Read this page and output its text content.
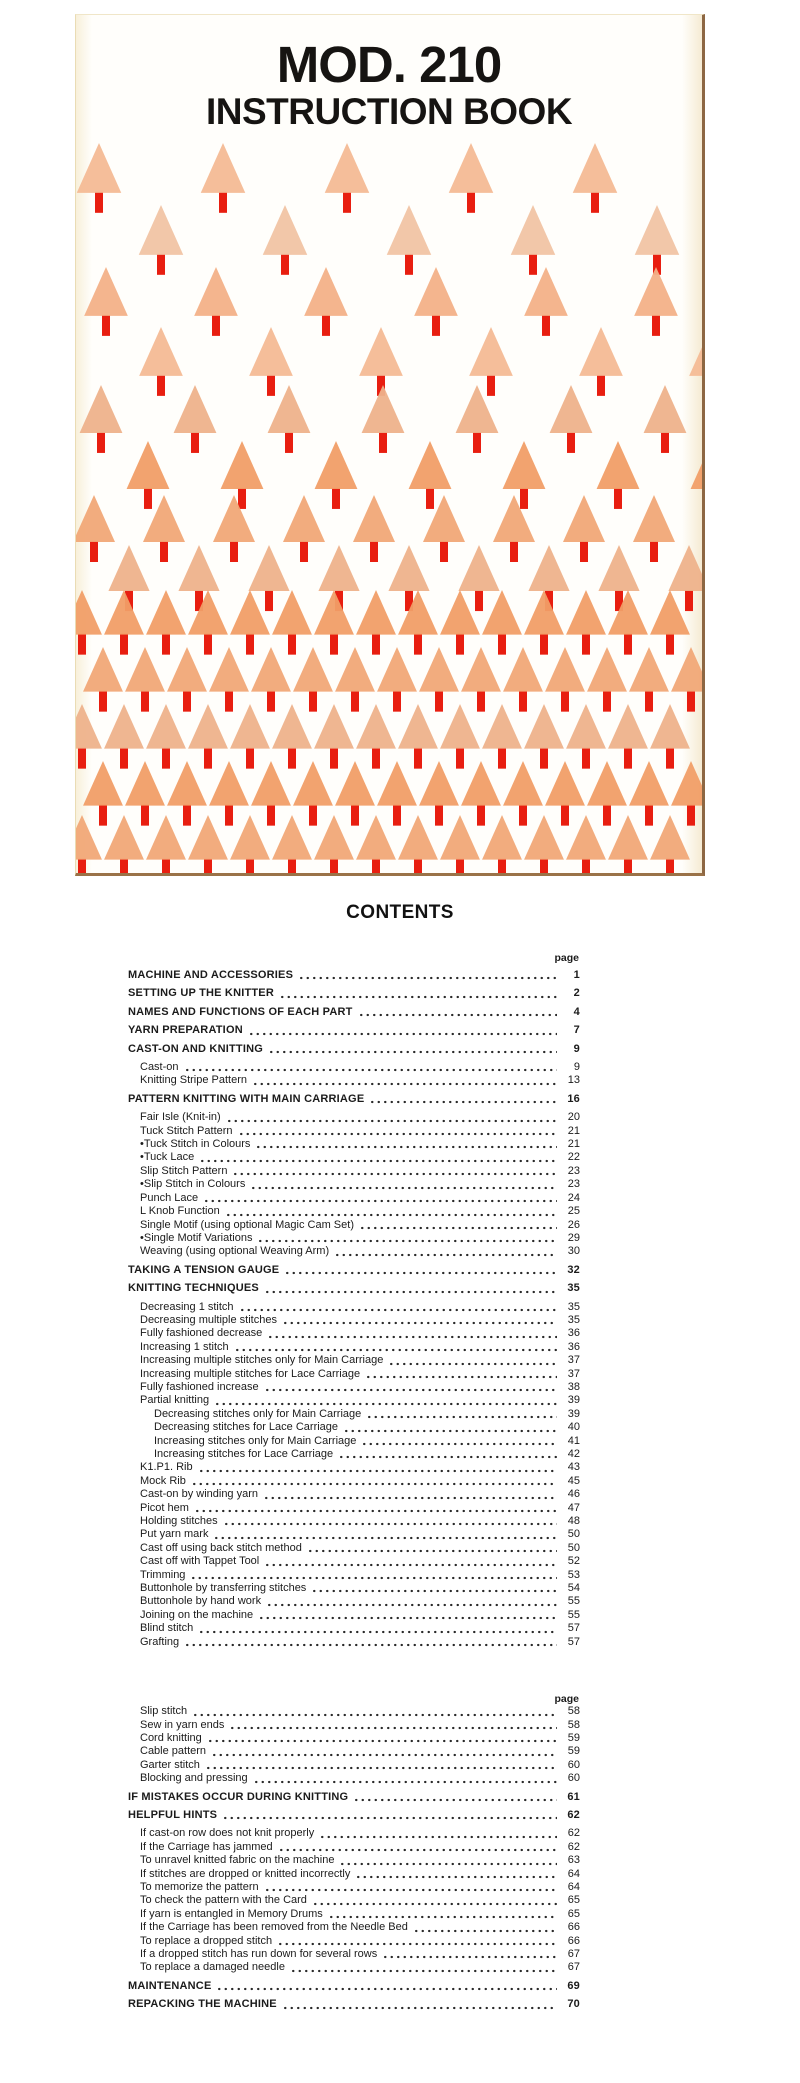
MOD. 210
INSTRUCTION BOOK
CONTENTS
page
MACHINE AND ACCESSORIES	1
SETTING UP THE KNITTER	2
NAMES AND FUNCTIONS OF EACH PART	4
YARN PREPARATION	7
CAST-ON AND KNITTING	9
Cast-on	9
Knitting Stripe Pattern	13
PATTERN KNITTING WITH MAIN CARRIAGE	16
Fair Isle (Knit-in)	20
Tuck Stitch Pattern	21
•Tuck Stitch in Colours	21
•Tuck Lace	22
Slip Stitch Pattern	23
•Slip Stitch in Colours	23
Punch Lace	24
L Knob Function	25
Single Motif (using optional Magic Cam Set)	26
•Single Motif Variations	29
Weaving (using optional Weaving Arm)	30
TAKING A TENSION GAUGE	32
KNITTING TECHNIQUES	35
Decreasing 1 stitch	35
Decreasing multiple stitches	35
Fully fashioned decrease	36
Increasing 1 stitch	36
Increasing multiple stitches only for Main Carriage	37
Increasing multiple stitches for Lace Carriage	37
Fully fashioned increase	38
Partial knitting	39
Decreasing stitches only for Main Carriage	39
Decreasing stitches for Lace Carriage	40
Increasing stitches only for Main Carriage	41
Increasing stitches for Lace Carriage	42
K1.P1. Rib	43
Mock Rib	45
Cast-on by winding yarn	46
Picot hem	47
Holding stitches	48
Put yarn mark	50
Cast off using back stitch method	50
Cast off with Tappet Tool	52
Trimming	53
Buttonhole by transferring stitches	54
Buttonhole by hand work	55
Joining on the machine	55
Blind stitch	57
Grafting	57
page
Slip stitch	58
Sew in yarn ends	58
Cord knitting	59
Cable pattern	59
Garter stitch	60
Blocking and pressing	60
IF MISTAKES OCCUR DURING KNITTING	61
HELPFUL HINTS	62
If cast-on row does not knit properly	62
If the Carriage has jammed	62
To unravel knitted fabric on the machine	63
If stitches are dropped or knitted incorrectly	64
To memorize the pattern	64
To check the pattern with the Card	65
If yarn is entangled in Memory Drums	65
If the Carriage has been removed from the Needle Bed	66
To replace a dropped stitch	66
If a dropped stitch has run down for several rows	67
To replace a damaged needle	67
MAINTENANCE	69
REPACKING THE MACHINE	70
